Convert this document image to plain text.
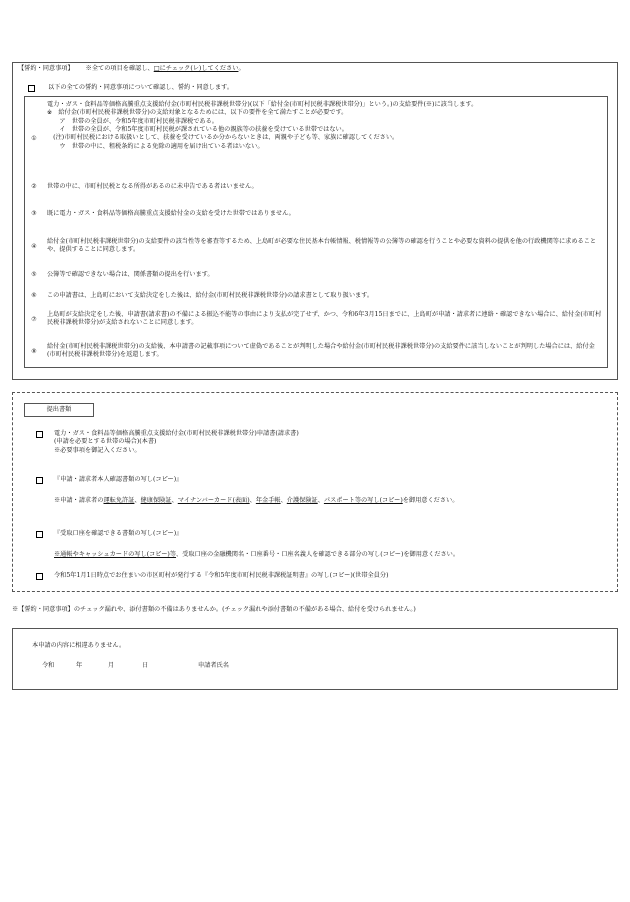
【誓約・同意事項】 ※全ての項目を確認し、□にチェック(レ)してください。
以下の全ての誓約・同意事項について確認し、誓約・同意します。
①
電力・ガス・食料品等価格高騰重点支援給付金(市町村民税非課税世帯分)(以下「給付金(市町村民税非課税世帯分)」という。)の支給要件(※)に該当します。
※　給付金(市町村民税非課税世帯分)の支給対象となるためには、以下の要件を全て満たすことが必要です。
　　ア　世帯の全員が、令和5年度市町村民税非課税である。
　　イ　世帯の全員が、令和5年度市町村民税が課されている他の親族等の扶養を受けている世帯ではない。
　(注)市町村民税における取扱いとして、扶養を受けているか分からないときは、両親や子ども等、家族に確認してください。
　　ウ　世帯の中に、租税条約による免除の適用を届け出ている者はいない。
②	世帯の中に、市町村民税となる所得があるのに未申告である者はいません。
③	既に電力・ガス・食料品等価格高騰重点支援給付金の支給を受けた世帯ではありません。
④
給付金(市町村民税非課税世帯分)の支給要件の該当性等を審査等するため、上島町が必要な住民基本台帳情報、税情報等の公簿等の確認を行うことや必要な資料の提供を他の行政機関等に求めることや、提供することに同意します。
⑤	公簿等で確認できない場合は、関係書類の提出を行います。
⑥	この申請書は、上島町において支給決定をした後は、給付金(市町村民税非課税世帯分)の請求書として取り扱います。
⑦
上島町が支給決定をした後、申請書(請求書)の不備による振込不能等の事由により支払が完了せず、かつ、令和6年3月15日までに、上島町が申請・請求者に連絡・確認できない場合に、給付金(市町村民税非課税世帯分)が支給されないことに同意します。
⑧
給付金(市町村民税非課税世帯分)の支給後、本申請書の記載事項について虚偽であることが判明した場合や給付金(市町村民税非課税世帯分)の支給要件に該当しないことが判明した場合には、給付金(市町村民税非課税世帯分)を返還します。
提出書類
電力・ガス・食料品等価格高騰重点支援給付金(市町村民税非課税世帯分)申請書(請求書)
(申請を必要とする世帯の場合)(本書)
※必要事項を御記入ください。
『申請・請求者本人確認書類の写し(コピー)』
※申請・請求者の運転免許証、健康保険証、マイナンバーカード(表面)、年金手帳、介護保険証、パスポート等の写し(コピー)を御用意ください。
『受取口座を確認できる書類の写し(コピー)』
※通帳やキャッシュカードの写し(コピー)等、受取口座の金融機関名・口座番号・口座名義人を確認できる部分の写し(コピー)を御用意ください。
令和5年1月1日時点でお住まいの市区町村が発行する『令和5年度市町村民税非課税証明書』の写し(コピー)(世帯全員分)
※【誓約・同意事項】のチェック漏れや、添付書類の不備はありませんか。(チェック漏れや添付書類の不備がある場合、給付を受けられません。)
本申請の内容に相違ありません。
令和	年	月	日	申請者氏名
